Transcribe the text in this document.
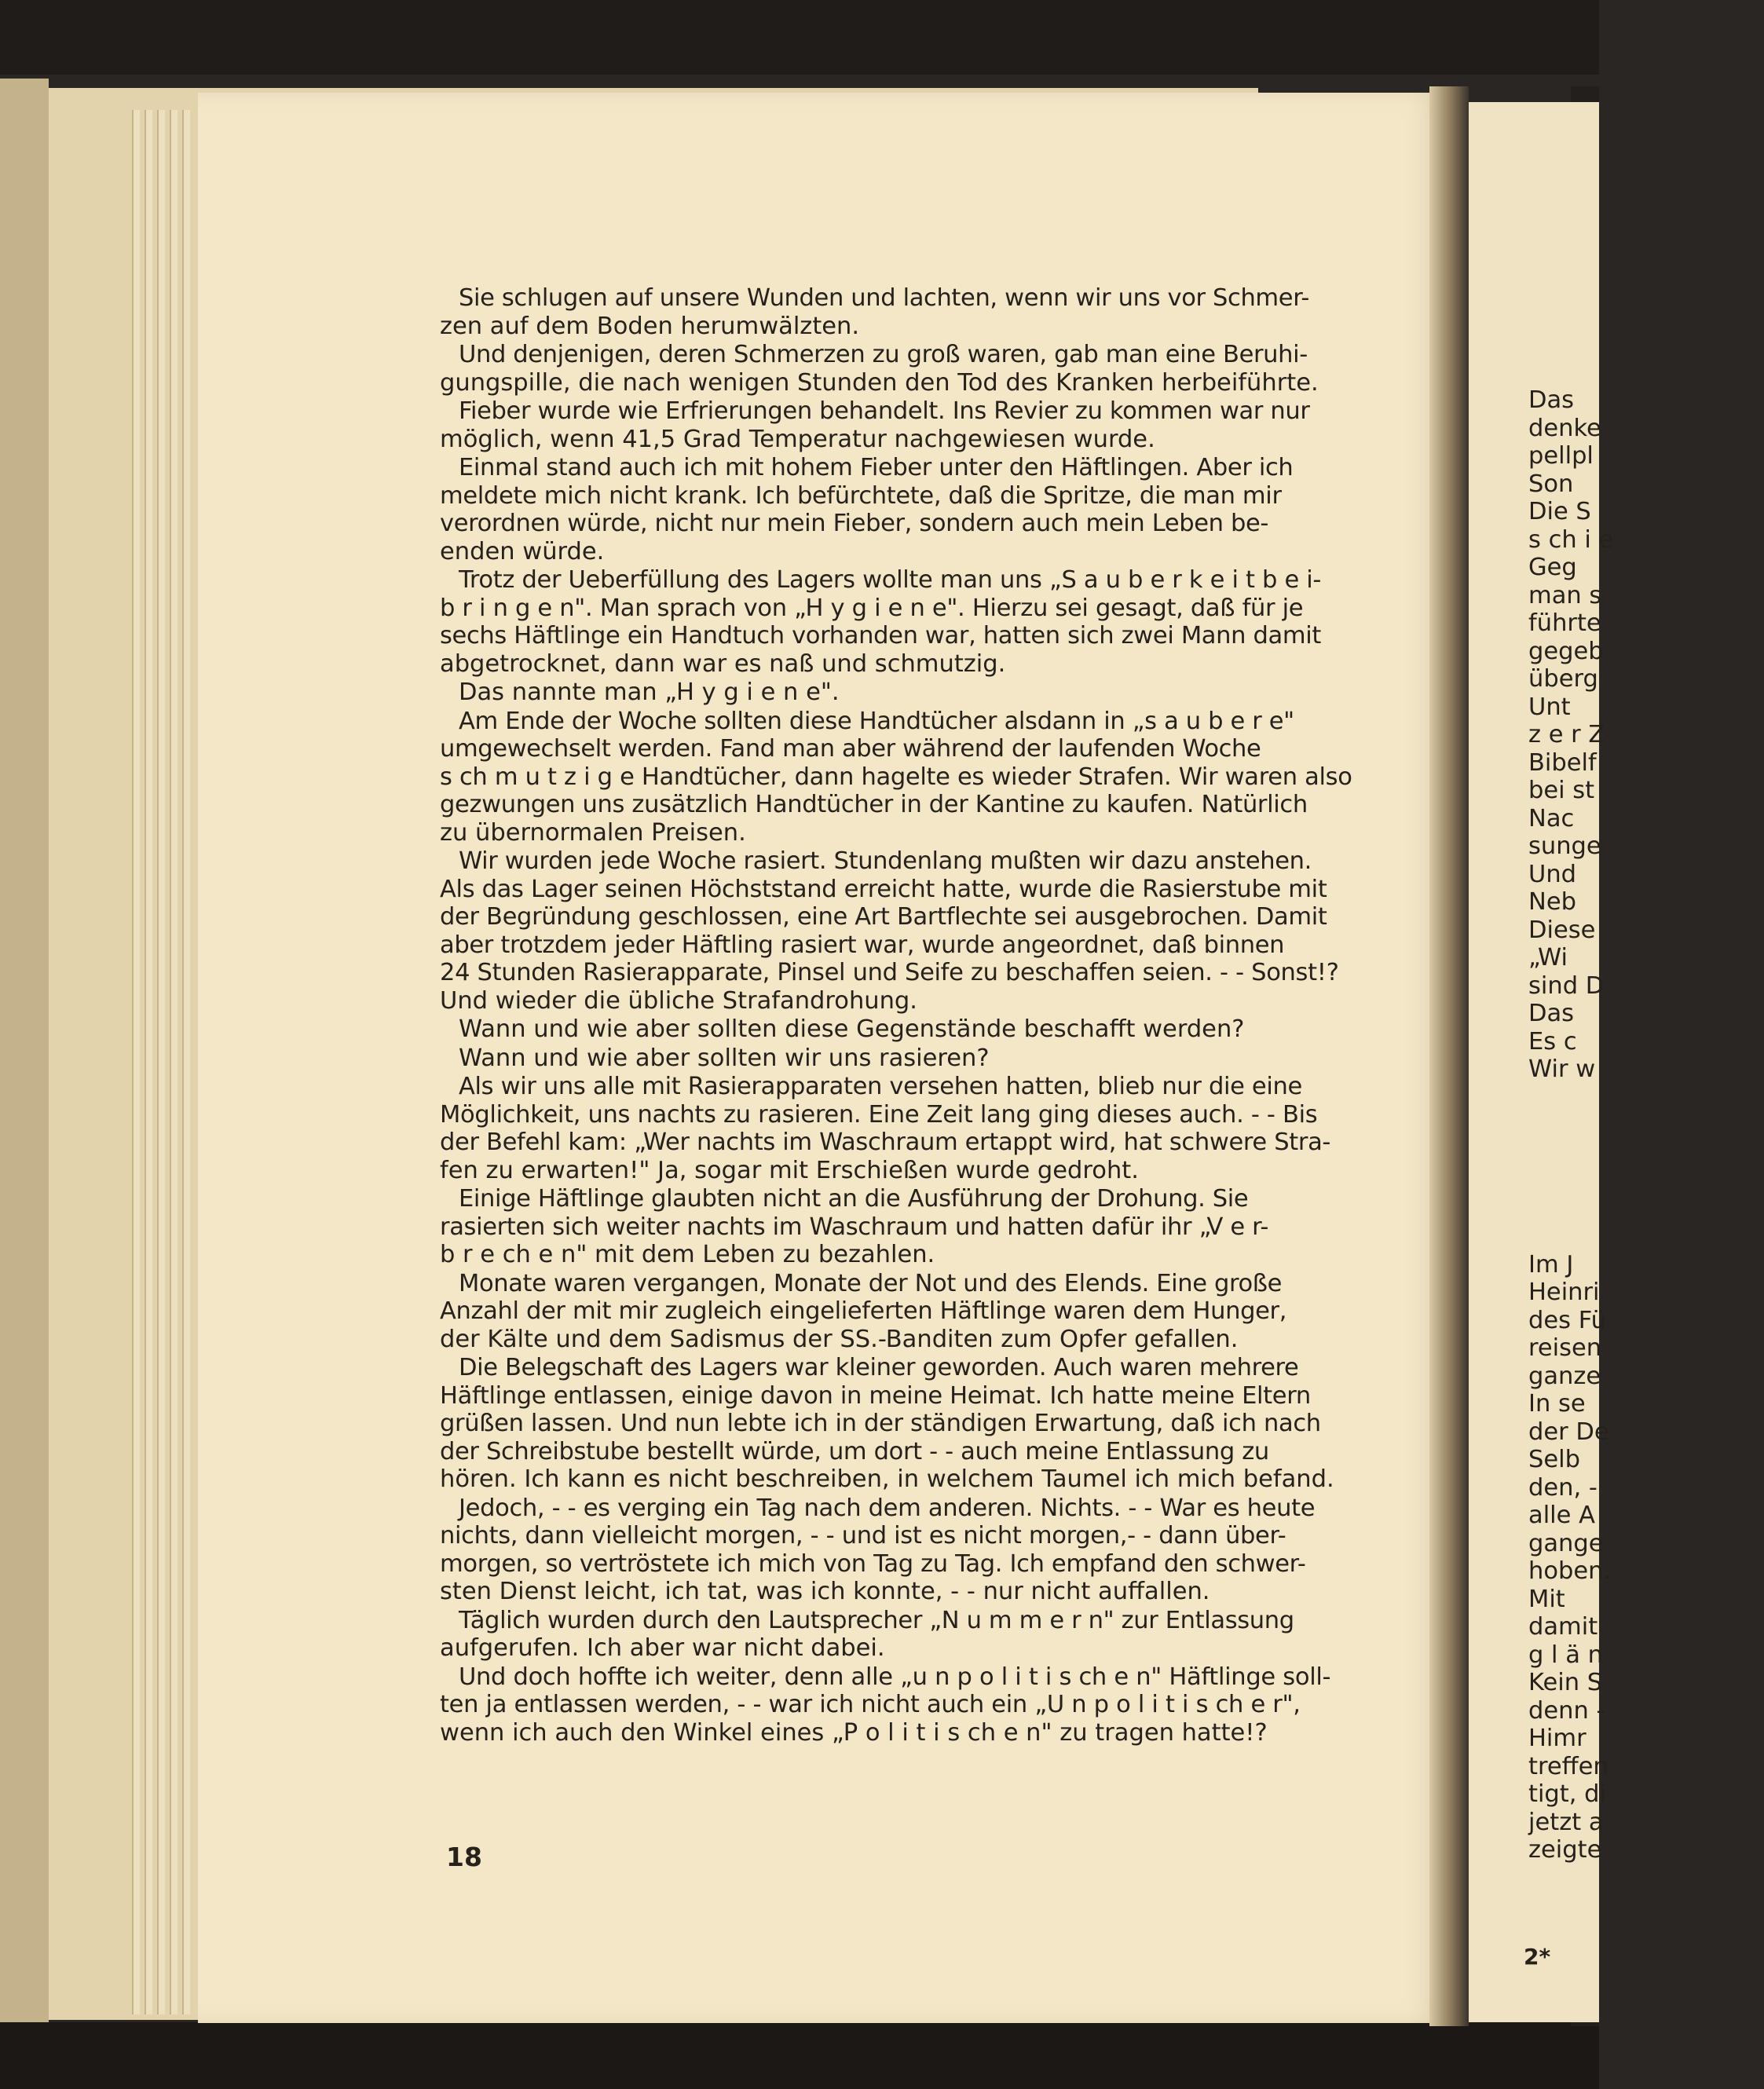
Sie schlugen auf unsere Wunden und lachten, wenn wir uns vor Schmer-
zen auf dem Boden herumwälzten.
Und denjenigen, deren Schmerzen zu groß waren, gab man eine Beruhi-
gungspille, die nach wenigen Stunden den Tod des Kranken herbeiführte.
Fieber wurde wie Erfrierungen behandelt. Ins Revier zu kommen war nur
möglich, wenn 41,5 Grad Temperatur nachgewiesen wurde.
Einmal stand auch ich mit hohem Fieber unter den Häftlingen. Aber ich
meldete mich nicht krank. Ich befürchtete, daß die Spritze, die man mir
verordnen würde, nicht nur mein Fieber, sondern auch mein Leben be-
enden würde.
Trotz der Ueberfüllung des Lagers wollte man uns „S a u b e r k e i t b e i-
b r i n g e n". Man sprach von „H y g i e n e". Hierzu sei gesagt, daß für je
sechs Häftlinge ein Handtuch vorhanden war, hatten sich zwei Mann damit
abgetrocknet, dann war es naß und schmutzig.
Das nannte man „H y g i e n e".
Am Ende der Woche sollten diese Handtücher alsdann in „s a u b e r e"
umgewechselt werden. Fand man aber während der laufenden Woche
s ch m u t z i g e Handtücher, dann hagelte es wieder Strafen. Wir waren also
gezwungen uns zusätzlich Handtücher in der Kantine zu kaufen. Natürlich
zu übernormalen Preisen.
Wir wurden jede Woche rasiert. Stundenlang mußten wir dazu anstehen.
Als das Lager seinen Höchststand erreicht hatte, wurde die Rasierstube mit
der Begründung geschlossen, eine Art Bartflechte sei ausgebrochen. Damit
aber trotzdem jeder Häftling rasiert war, wurde angeordnet, daß binnen
24 Stunden Rasierapparate, Pinsel und Seife zu beschaffen seien. - - Sonst!?
Und wieder die übliche Strafandrohung.
Wann und wie aber sollten diese Gegenstände beschafft werden?
Wann und wie aber sollten wir uns rasieren?
Als wir uns alle mit Rasierapparaten versehen hatten, blieb nur die eine
Möglichkeit, uns nachts zu rasieren. Eine Zeit lang ging dieses auch. - - Bis
der Befehl kam: „Wer nachts im Waschraum ertappt wird, hat schwere Stra-
fen zu erwarten!" Ja, sogar mit Erschießen wurde gedroht.
Einige Häftlinge glaubten nicht an die Ausführung der Drohung. Sie
rasierten sich weiter nachts im Waschraum und hatten dafür ihr „V e r-
b r e ch e n" mit dem Leben zu bezahlen.
Monate waren vergangen, Monate der Not und des Elends. Eine große
Anzahl der mit mir zugleich eingelieferten Häftlinge waren dem Hunger,
der Kälte und dem Sadismus der SS.-Banditen zum Opfer gefallen.
Die Belegschaft des Lagers war kleiner geworden. Auch waren mehrere
Häftlinge entlassen, einige davon in meine Heimat. Ich hatte meine Eltern
grüßen lassen. Und nun lebte ich in der ständigen Erwartung, daß ich nach
der Schreibstube bestellt würde, um dort - - auch meine Entlassung zu
hören. Ich kann es nicht beschreiben, in welchem Taumel ich mich befand.
Jedoch, - - es verging ein Tag nach dem anderen. Nichts. - - War es heute
nichts, dann vielleicht morgen, - - und ist es nicht morgen,- - dann über-
morgen, so vertröstete ich mich von Tag zu Tag. Ich empfand den schwer-
sten Dienst leicht, ich tat, was ich konnte, - - nur nicht auffallen.
Täglich wurden durch den Lautsprecher „N u m m e r n" zur Entlassung
aufgerufen. Ich aber war nicht dabei.
Und doch hoffte ich weiter, denn alle „u n p o l i t i s ch e n" Häftlinge soll-
ten ja entlassen werden, - - war ich nicht auch ein „U n p o l i t i s ch e r",
wenn ich auch den Winkel eines „P o l i t i s ch e n" zu tragen hatte!?
18
Das
denke
pellpl
Son
Die S
s ch i e
Geg
man s
führte
gegeb
überg
Unt
z e r Z
Bibelf
bei st
Nac
sunge
Und
Neb
Diese
„Wi
sind D
Das
Es c
Wir w
Im J
Heinri
des Fü
reisen
ganze
In se
der De
Selb
den, -
alle A
gange
hoben.
Mit
damit
g l ä n
Kein S
denn -
Himr
treffen
tigt, di
jetzt a
zeigte
2*
